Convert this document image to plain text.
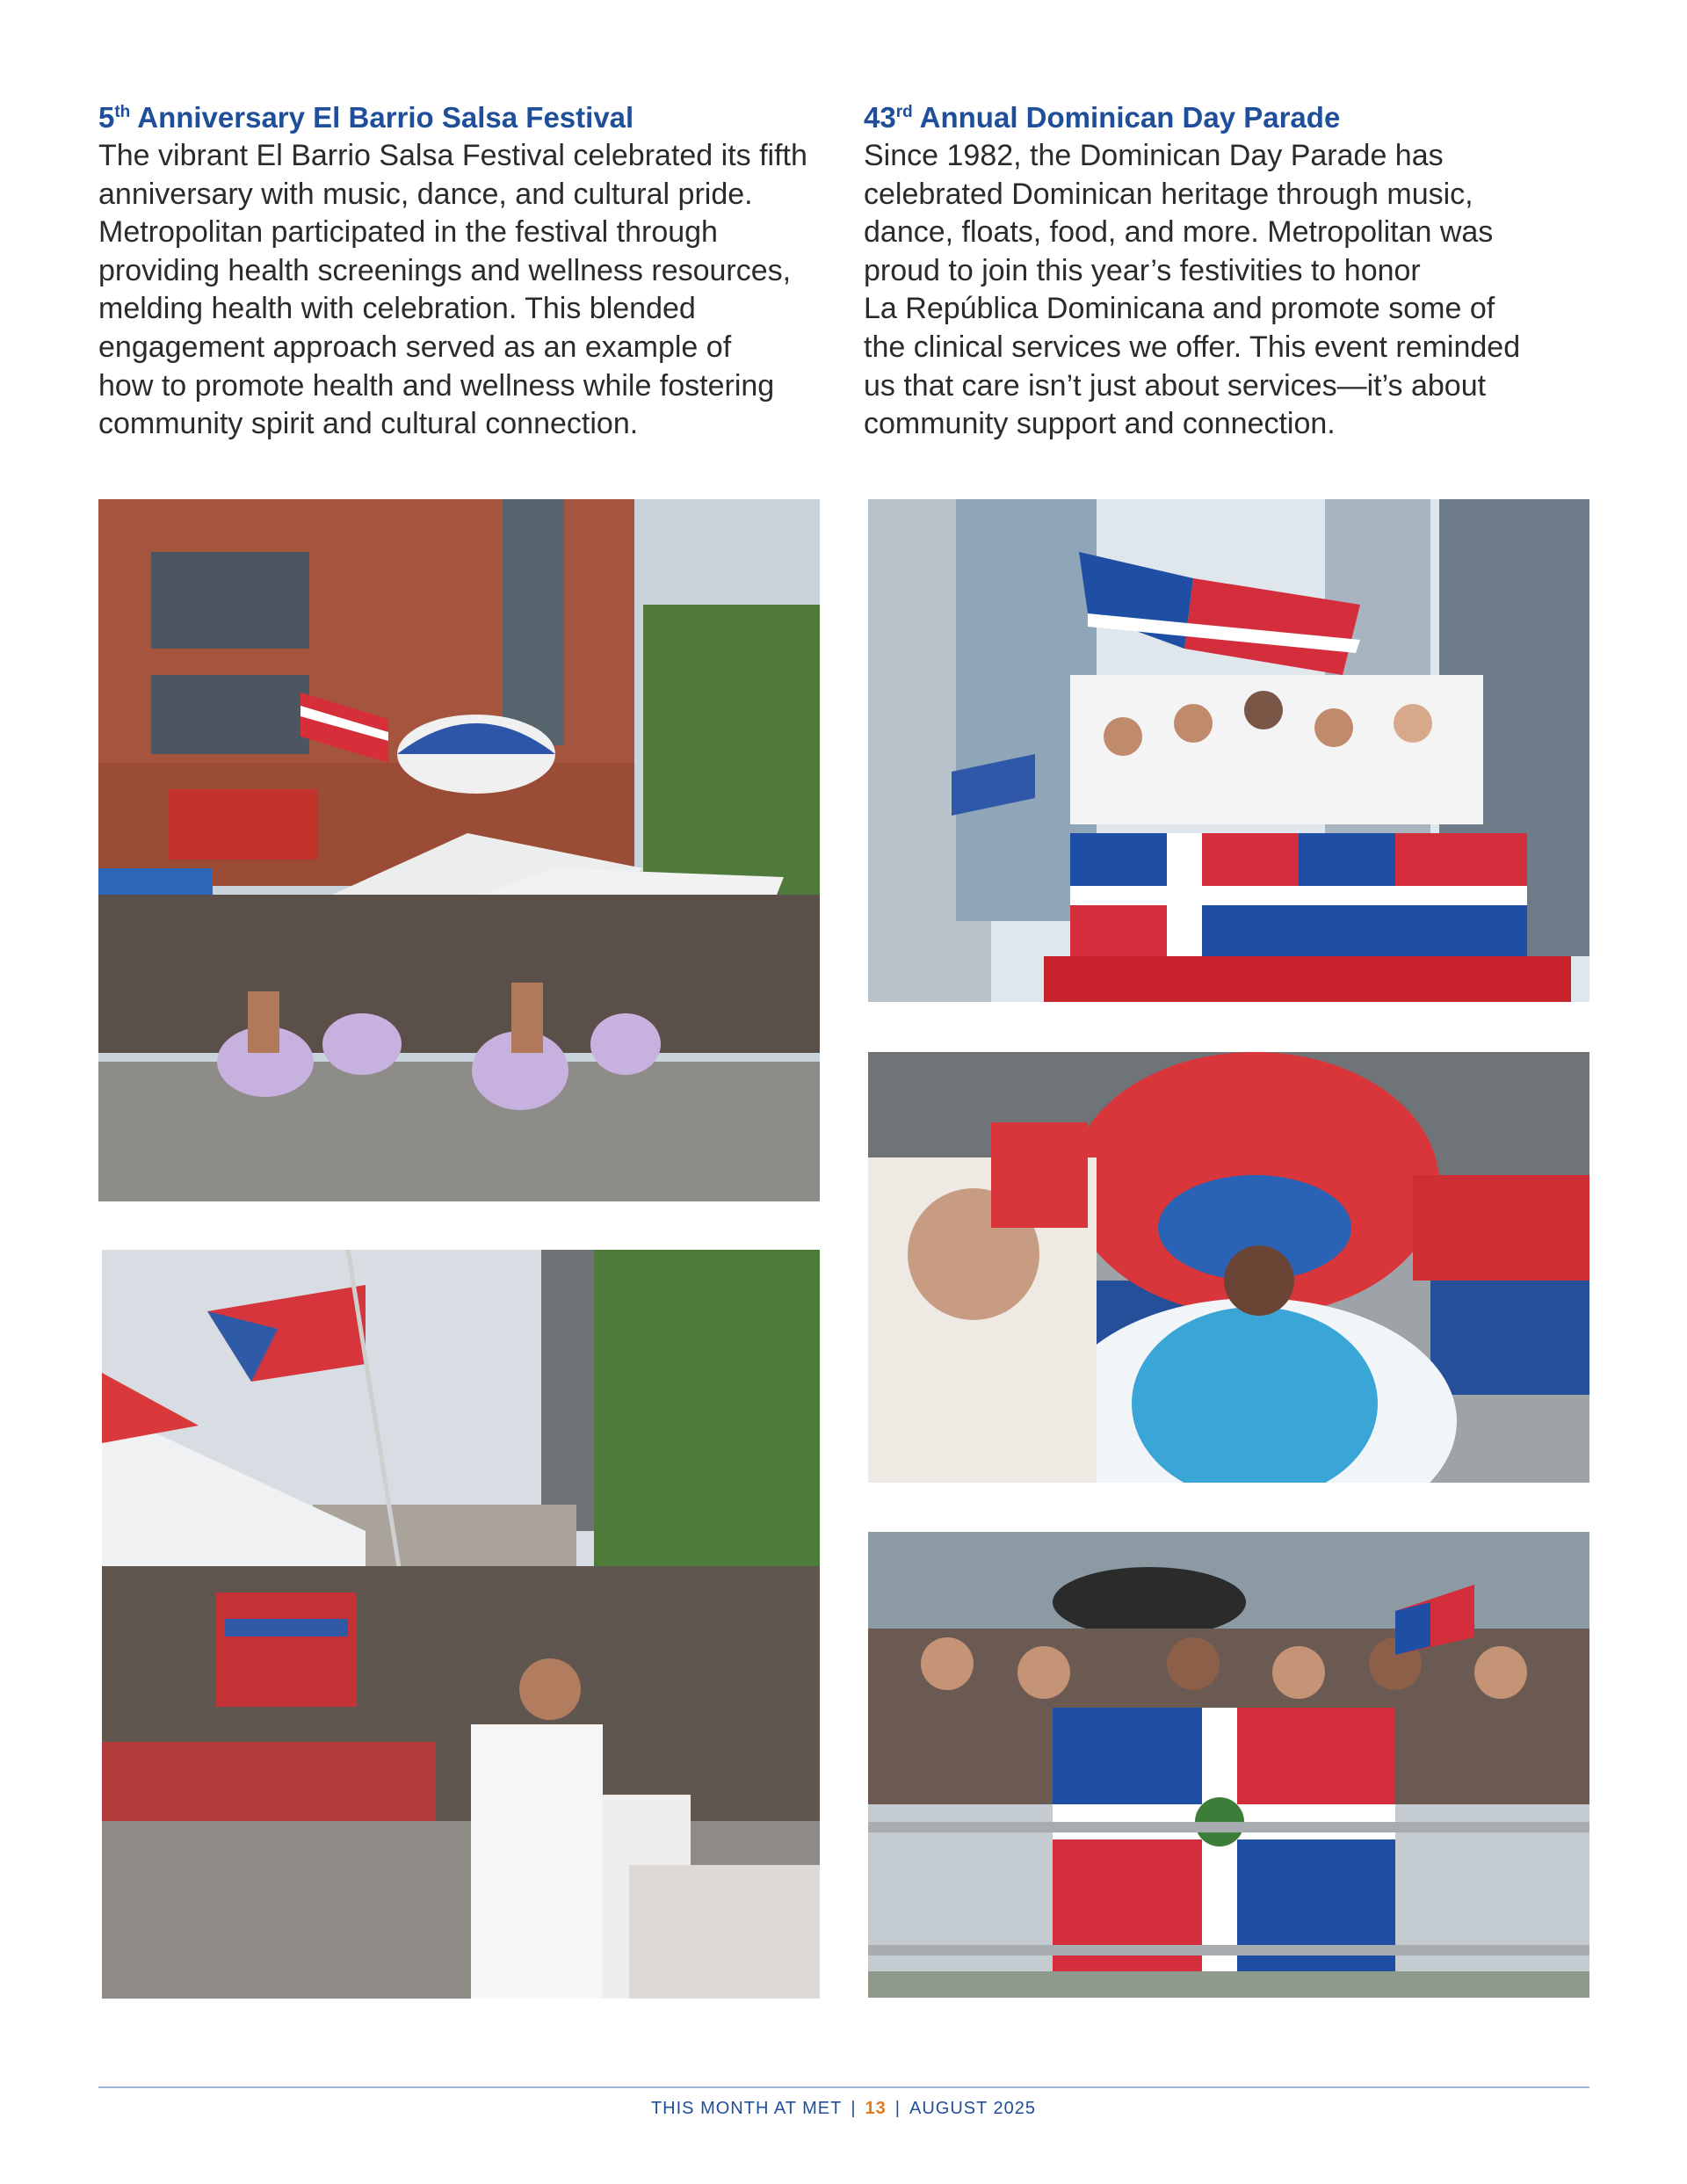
5th Anniversary El Barrio Salsa Festival

The vibrant El Barrio Salsa Festival celebrated its fifth
anniversary with music, dance, and cultural pride.
Metropolitan participated in the festival through
providing health screenings and wellness resources,
melding health with celebration. This blended
engagement approach served as an example of
how to promote health and wellness while fostering
community spirit and cultural connection.

43rd Annual Dominican Day Parade

Since 1982, the Dominican Day Parade has
celebrated Dominican heritage through music,
dance, floats, food, and more. Metropolitan was
proud to join this year’s festivities to honor
La República Dominicana and promote some of
the clinical services we offer. This event reminded
us that care isn’t just about services—it’s about
community support and connection.

THIS MONTH AT MET | 13 | AUGUST 2025
